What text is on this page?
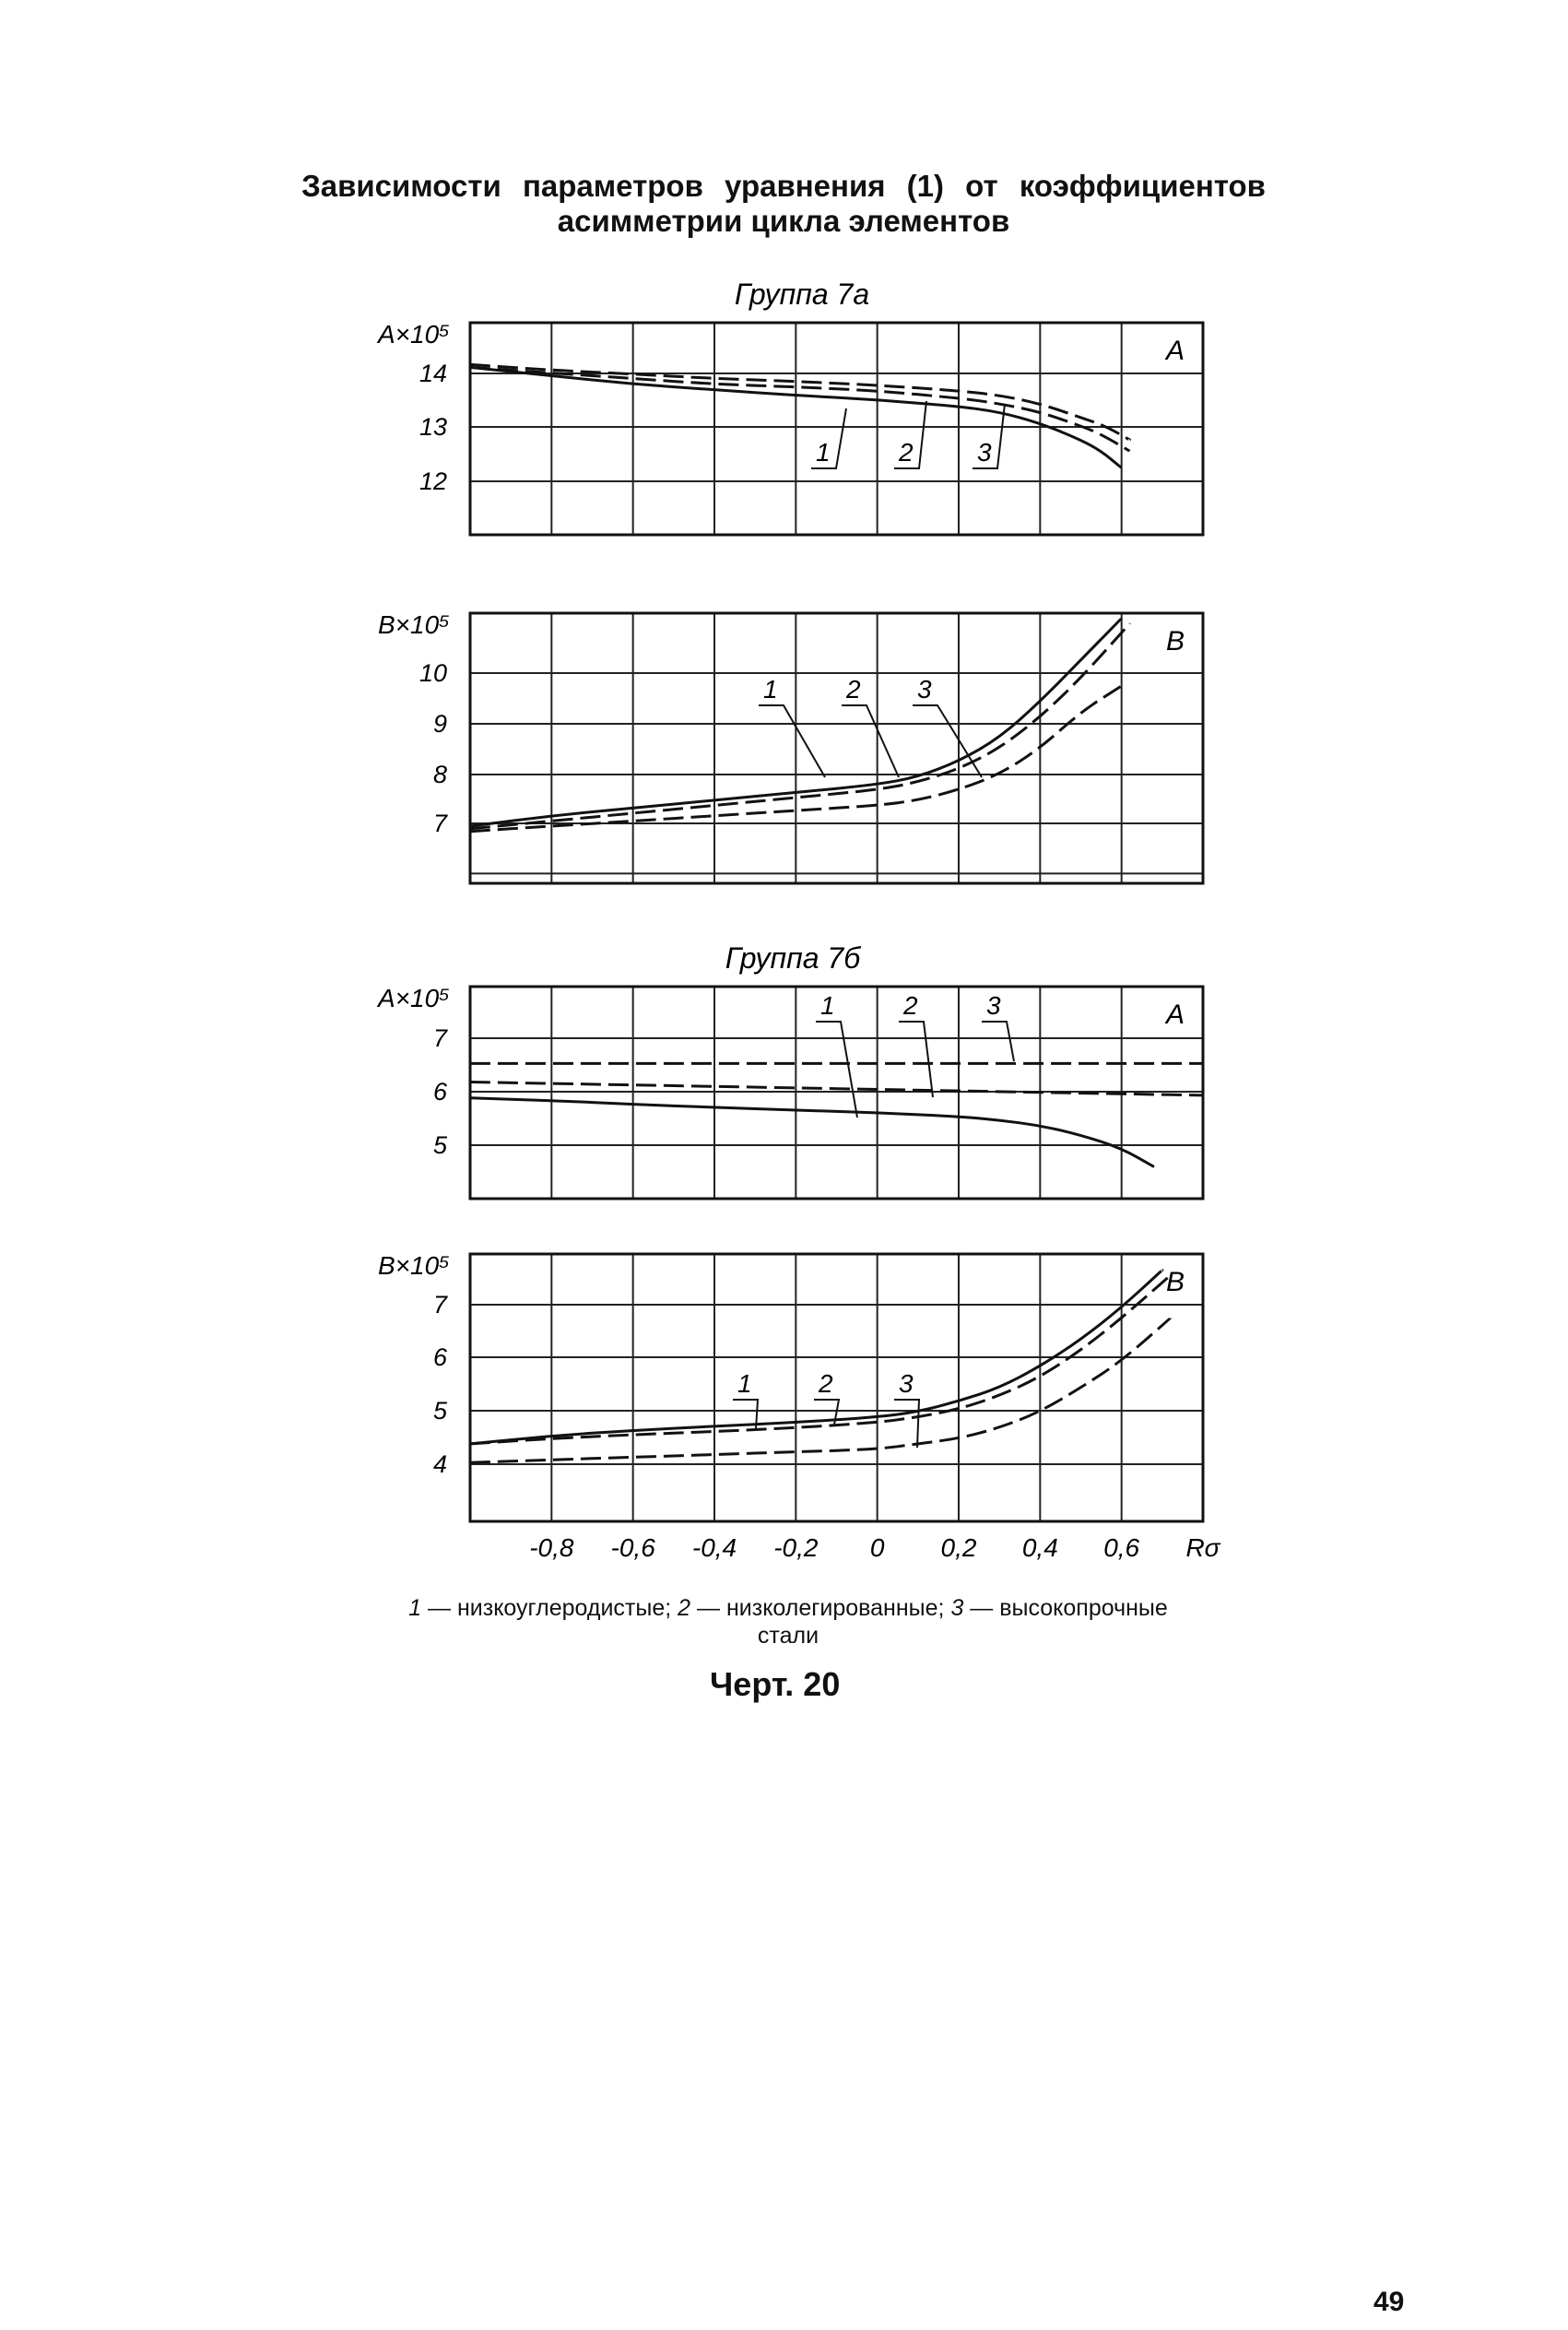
Зависимости параметров уравнения (1) от коэффициентов
асимметрии цикла элементов
14
13
12
A×10⁵
A
Группа 7а
1	2 3
10
9
8
7
B×10⁵
B
1	2 3
7
6
5
A×10⁵
A
Группа 7б
1	2	3
7
6
5
4
B×10⁵
B
1	2	3
-0,8 -0,6 -0,4 -0,2 0 0,2 0,4 0,6 Rσ
1 — низкоуглеродистые; 2 — низколегированные; 3 — высокопрочные
стали
Черт. 20
49
